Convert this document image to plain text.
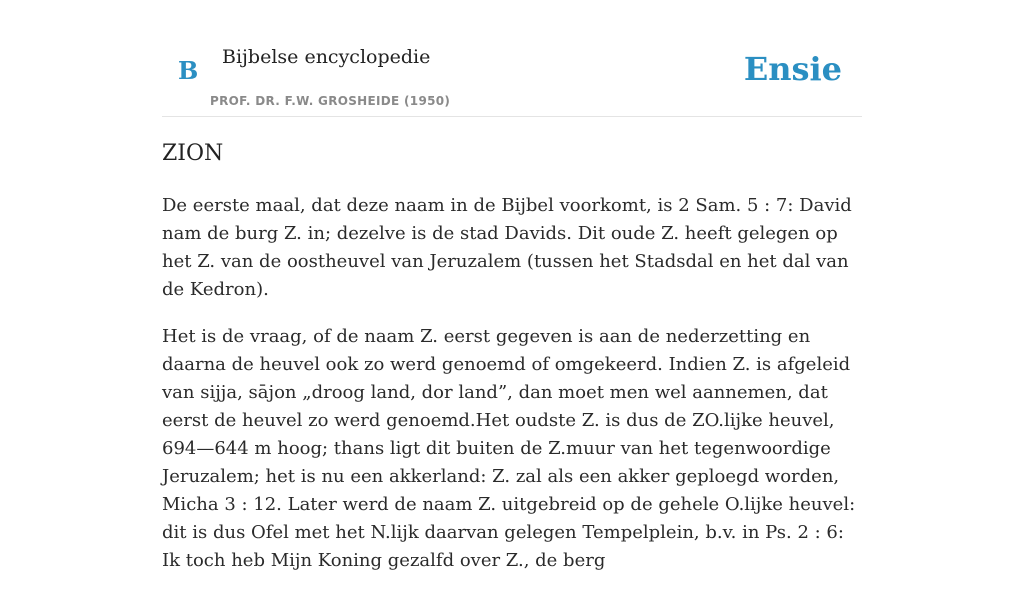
B Bijbelse encyclopedie
PROF. DR. F.W. GROSHEIDE (1950)
Ensie
ZION

De eerste maal, dat deze naam in de Bijbel voorkomt, is 2 Sam. 5 : 7: David nam de burg Z. in; dezelve is de stad Davids. Dit oude Z. heeft gelegen op het Z. van de oostheuvel van Jeruzalem (tussen het Stadsdal en het dal van de Kedron).

Het is de vraag, of de naam Z. eerst gegeven is aan de nederzetting en daarna de heuvel ook zo werd genoemd of omgekeerd. Indien Z. is afgeleid van sijja, sājon „droog land, dor land”, dan moet men wel aannemen, dat eerst de heuvel zo werd genoemd.Het oudste Z. is dus de ZO.lijke heuvel, 694—644 m hoog; thans ligt dit buiten de Z.muur van het tegenwoordige Jeruzalem; het is nu een akkerland: Z. zal als een akker geploegd worden, Micha 3 : 12. Later werd de naam Z. uitgebreid op de gehele O.lijke heuvel: dit is dus Ofel met het N.lijk daarvan gelegen Tempelplein, b.v. in Ps. 2 : 6: Ik toch heb Mijn Koning gezalfd over Z., de berg
